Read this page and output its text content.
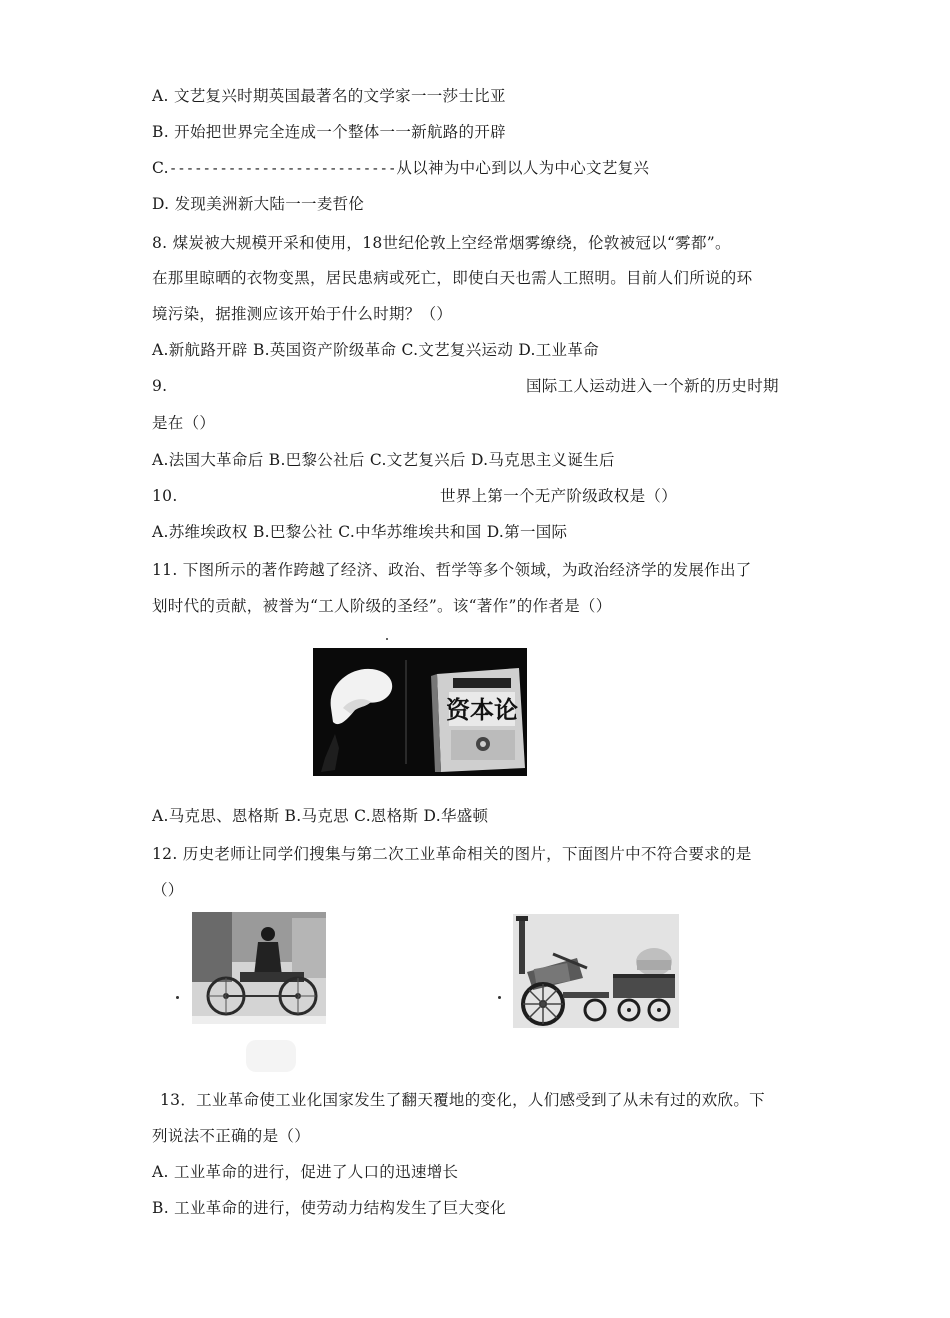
A. 文艺复兴时期英国最著名的文学家一一莎士比亚
B. 开始把世界完全连成一个整体一一新航路的开辟
C.---------------------------从以神为中心到以人为中心文艺复兴
D. 发现美洲新大陆一一麦哲伦
8. 煤炭被大规模开采和使用，18世纪伦敦上空经常烟雾缭绕，伦敦被冠以“雾都”。
在那里晾晒的衣物变黑，居民患病或死亡，即使白天也需人工照明。目前人们所说的环
境污染，据推测应该开始于什么时期？（）
A.新航路开辟 B.英国资产阶级革命 C.文艺复兴运动 D.工业革命
9.	国际工人运动进入一个新的历史时期
是在（）
A.法国大革命后 B.巴黎公社后 C.文艺复兴后 D.马克思主义诞生后
10.	世界上第一个无产阶级政权是（）
A.苏维埃政权 B.巴黎公社 C.中华苏维埃共和国 D.第一国际
11. 下图所示的著作跨越了经济、政治、哲学等多个领域，为政治经济学的发展作出了
划时代的贡献，被誉为“工人阶级的圣经”。该“著作”的作者是（）
资本论
A.马克思、恩格斯 B.马克思 C.恩格斯 D.华盛顿
12. 历史老师让同学们搜集与第二次工业革命相关的图片，下面图片中不符合要求的是
（）
13．工业革命使工业化国家发生了翻天覆地的变化，人们感受到了从未有过的欢欣。下
列说法不正确的是（）
A. 工业革命的进行，促进了人口的迅速增长
B. 工业革命的进行，使劳动力结构发生了巨大变化
